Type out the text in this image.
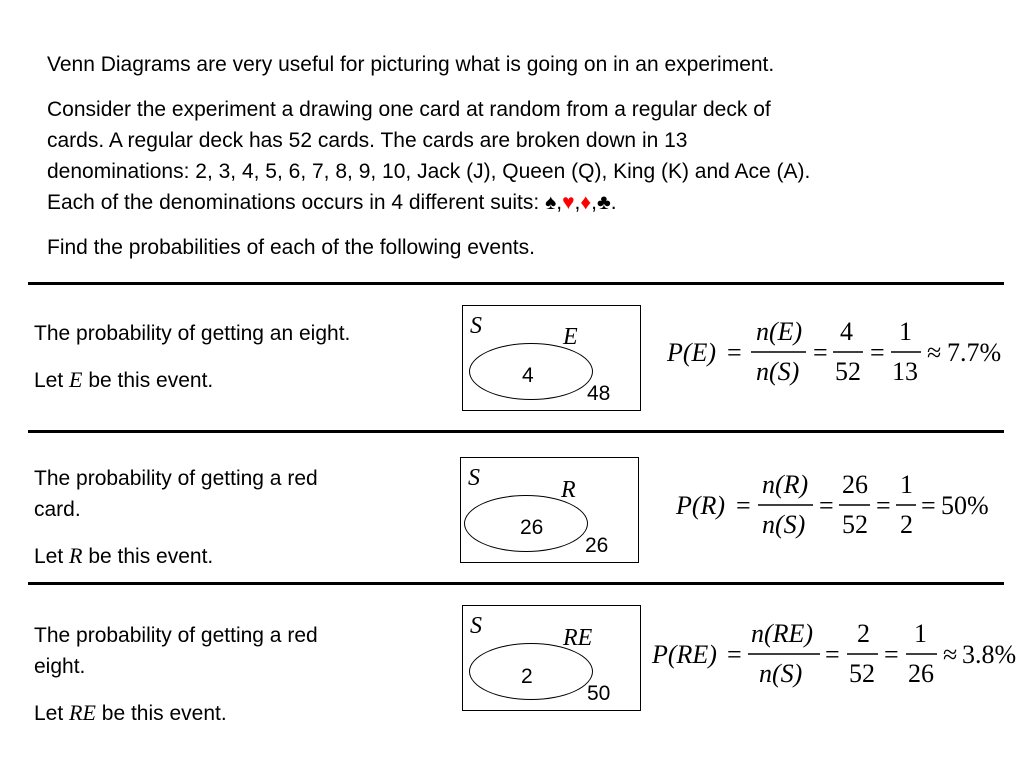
Venn Diagrams are very useful for picturing what is going on in an experiment.

Consider the experiment a drawing one card at random from a regular deck of
cards. A regular deck has 52 cards. The cards are broken down in 13
denominations: 2, 3, 4, 5, 6, 7, 8, 9, 10, Jack (J), Queen (Q), King (K) and Ace (A).
Each of the denominations occurs in 4 different suits: ♠,♥,♦,♣.

Find the probabilities of each of the following events.

The probability of getting an eight.

Let E be this event.

S	E
4
48
P(E) =
n(E)
n(S)
=
4
52
=
1
13
≈ 7.7%

The probability of getting a red
card.

Let R be this event.

S	R
26
26
P(R) =
n(R)
n(S)
=
26
52
=
1
2
= 50%

The probability of getting a red
eight.

Let RE be this event.

S	RE
2
50
P(RE) =
n(RE)
n(S)
=
2
52
=
1
26
≈ 3.8%
